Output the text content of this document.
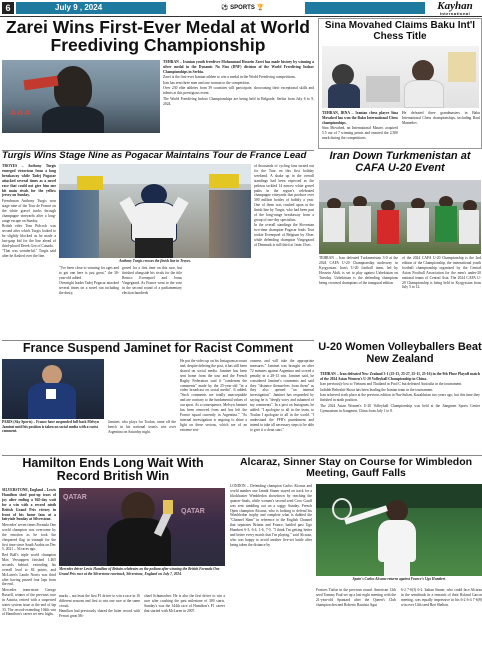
6	July 9 , 2024	⚽ SPORTS 🏆	Kayhan
International
Zarei Wins First-Ever Medal at World Freediving Championship
⁂⁂⁂

TEHRAN – Iranian youth freediver Mohammad Hossein Zarei has made history by winning a silver medal in the Dynamic No Fins (DNF) division of the World Freediving Indoor Championships in Serbia.

Zarei is the first-ever Iranian athlete to win a medal in the World Freediving competitions.

Iran has sent three men and one woman to the competition.

Over 230 elite athletes from 39 countries will participate, showcasing their exceptional skills and talents at this prestigious event.

The World Freediving Indoor Championships are being held in Belgrade, Serbia from July 6 to 9, 2024.

Sina Movahed Claims Baku Int'l Chess Title

TEHRAN, IRNA – Iranian chess player Sina Movahed has won the Baku International Chess championships.

Sina Movahed, an International Master, acquired 5.5 out of 7 winning points and ensured the 2,500 mark during the competitions.

He defeated three grandmasters in Baku International Chess championships, including Rauf Mamedov.

Turgis Wins Stage Nine as Pogacar Maintains Tour de France Lead

TROYES – Anthony Turgis emerged victorious from a long breakaway while Tadej Pogacar attacked several times as a novel race that could not give him one bit main rivals for the yellow jersey on Sunday.

Frenchman Anthony Turgis won stage nine of the Tour de France on the white gravel tracks through champagne vineyards after a long-range escape on Sunday.

British rider Tom Pidcock was second after which Turgis looked to be slightly blocked as he made a last-gasp bid for the line ahead of third-placed Derek Gee of Canada.

"That was wonderful," Turgis said after he flashed over the line.

Anthony Turgis crosses the finish line in Troyes.

"I've been close to winning for ages and to get one here is just great," the 30-year-old added.

Overnight leader Tadej Pogacar attacked several times on a novel run including the dusty,

gravel for a first time on this race, but finished alongside his rivals for the title Remco Evenepoel and Jonas Vingegaard. As France went to the vote in the second round of a parliamentary election hundreds

of thousands of cycling fans turned out for the Tour on this first holiday weekend. A shake up in the overall standings had been expected as the peloton tackled 14 narrow white gravel paths in the region's celebrated champagne vineyards that produce over 300 million bottles of bubbly a year. One of them was crashed upon at the finish line by Turgis, who had been part of the long-range breakaway from a group of one-day specialists.

In the overall standings the Slovenian two-time champion Pogacar leads Tour rookie Evenepoel of Belgium by 33sec while defending champion Vingegaard of Denmark is still third at 1min 15sec.

Iran Down Turkmenistan at CAFA U-20 Event

TEHRAN – Iran defeated Turkmenistan 3-0 at the 2024 CAFA U-20 Championship underway in Kyrgyzstan. Iran's U-20 football team, led by Hossein Abdi, is set to play against Uzbekistan on Tuesday. Uzbekistan is the defending champions being crowned champions of the inaugural edition

of the 2024 CAFA U-20 Championship is the 2nd edition of the Championship, the international youth football championship organized by the Central Asian Football Association for the men's under-20 national teams of Central Asia. The 2024 CAFA U-20 Championship is being held in Kyrgyzstan from July 5 to 12.

France Suspend Jaminet for Racist Comment
PARIS (Sky Sports) – France have suspended full-back Melvyn Jaminet until his position is taken on social media with a racist comment.

Jaminet, who plays for Toulon, came off the bench in his national team's win over Argentina on Saturday night.

He put the video up on his Instagram account and, despite deleting the post, it has still been shared on social media. Jaminet has been sent home from the tour and the French Rugby Federation said it "condemns the comments" made by the 25-year-old "in a video broadcast on social media". It added: "Such comments are totally unacceptable and are contrary to the fundamental values of our sport. As a consequence, Melvyn Jaminet has been removed from and has left the France squad currently in Argentina." "As internal investigation is ongoing to shine a light on these serious, which are of an extreme seri-

ousness and will take the appropriate measures." Jaminet was brought on after 72 minutes against Argentina and scored a penalty in a 28-13 win. Jaminet said, he considered Jaminet's comments and said they "distance themselves from them" as they also opened "an internal investigation". Jaminet has responded by saying he is "deeply sorry and ashamed of my comments". In a post on Instagram, he added: "I apologise to all in the team, to Toulon I apologise to all in the world. "I understand the FFR's punishment and intend to take all necessary steps to be able to give it a clean start."

U-20 Women Volleyballers Beat New Zealand

TEHRAN – Iran defeated New Zealand 3-1 (25-15, 25-27, 25-11, 25-16) in the 9th Place Playoff match of the 2024 Asian Women's U-20 Volleyball Championship in China.

Iran previously lost to Vietnam and Thailand in Pool C but defeated Australia in the tournament.

Jadideh Beheshti-Shoar has been leading the Iranian team in the tournament.

Iran achieved sixth place at the previous edition in Nur-Sultan, Kazakhstan two years ago, but this time they finished in ninth position.

The 2024 Asian Women's U-20 Volleyball Championship was held at the Jiangmen Sports Center Gymnasium in Jiangmen, China from July 1 to 8.

Hamilton Ends Long Wait With Record British Win

SILVERSTONE, England – Lewis Hamilton shed post-up tears of joy after ending a 945-day wait for a win with a record ninth British Grand Prix victory in front of his home fans at a fairytale Sunday at Silverstone.

Mercedes' seven-times Formula One world champion was overcome by the emotion as he took the chequered flag in triumph for the first time since Saudi Arabia on Dec 5, 2021 – 56 races ago.

Red Bull's triple world champion Max Verstappen finished 1.465 seconds behind, extending his overall lead to 84 points, and McLaren's Lando Norris was third after having passed four laps from the end.

Mercedes team-mate George Russell, winner of the previous race in Austria, retired with a suspected water system issue at the end of lap 33. The record-extending 104th win of Hamilton's career set new highs.

QATAR
QATAR
Mercedes driver Lewis Hamilton of Britain celebrates on the podium after winning the British Formula One Grand Prix race at the Silverstone racetrack, Silverstone, England on July 7, 2024.

marks – not least the first F1 driver to win a race in 16 different seasons and first to win one race at the same circuit.

Hamilton had previously shared the latter record with Ferrari great Mi-

chael Schumacher. He is also the first driver to win a race after crashing the past milestone of 300 starts. Sunday's was the 344th race of Hamilton's F1 career that started with McLaren in 2007.

Alcaraz, Sinner Stay on Course for Wimbledon Meeting, Gauff Falls

LONDON – Defending champion Carlos Alcaraz and world number one Jannik Sinner stayed on track for a blockbuster Wimbledon showdown by reaching the quarter-finals, while women's second seed Coco Gauff was sent tumbling out on a soggy Sunday. French Open champion Alcaraz, who is looking to defend his Wimbledon trophy and complete what is dubbed the "Channel Slam" in reference to the English Channel that separates Britain and France, battled past Ugo Humbert 6-3, 6-4, 1-6, 7-5. "I think I'm getting better and better every match that I'm playing," said Alcaraz, who was happy to avoid another five-set battle after being taken the distance by

Spain's Carlos Alcaraz returns against France's Ugo Humbert

Frances Tiafoe in the previous round. American 12th seed Tommy Paul set up a last-eight meeting with the 21-year-old Spaniard after the Queen's Club champion downed Roberto Bautista Agut

6-2 7-6(3) 6-2. Italian Sinner, who could face Alcaraz in the semifinals in a rematch of their Roland Garros meeting, was equally impressive in his 6-2 6-4 7-6(9) win over 14th seed Ben Shelton.
